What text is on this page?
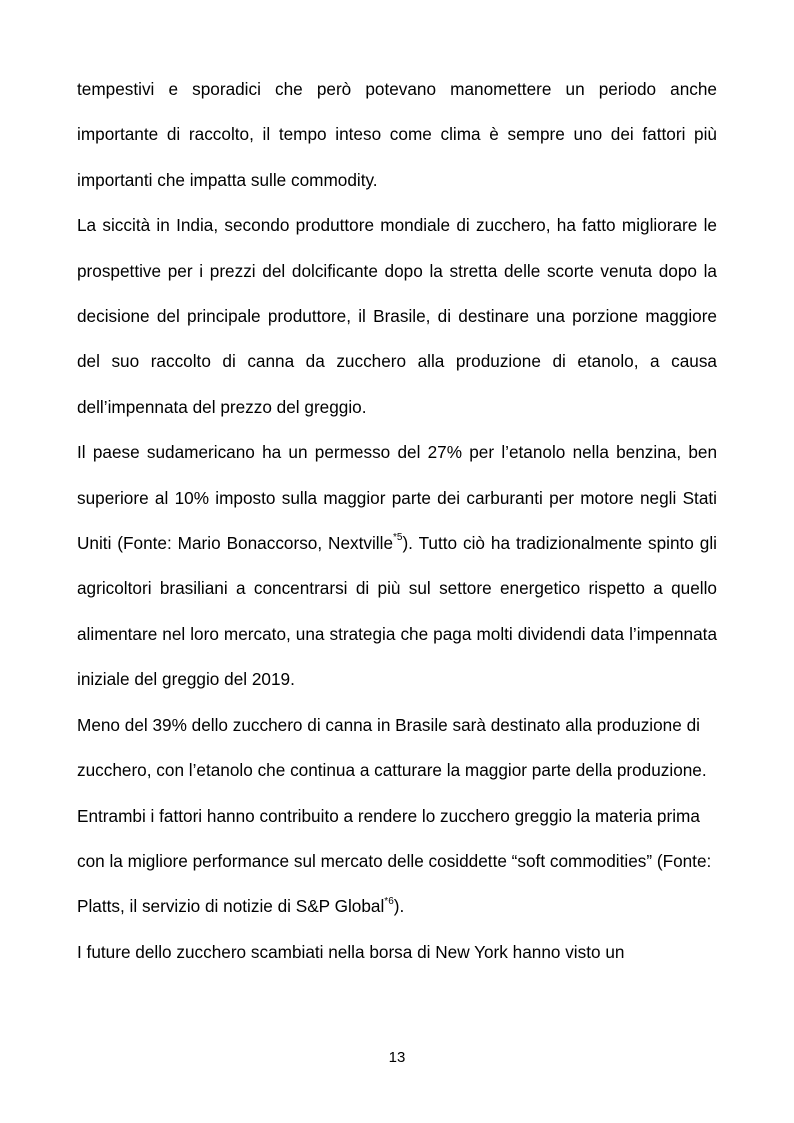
tempestivi e sporadici che però potevano manomettere un periodo anche importante di raccolto, il tempo inteso come clima è sempre uno dei fattori più importanti che impatta sulle commodity.

La siccità in India, secondo produttore mondiale di zucchero, ha fatto migliorare le prospettive per i prezzi del dolcificante dopo la stretta delle scorte venuta dopo la decisione del principale produttore, il Brasile, di destinare una porzione maggiore del suo raccolto di canna da zucchero alla produzione di etanolo, a causa dell’impennata del prezzo del greggio.

Il paese sudamericano ha un permesso del 27% per l’etanolo nella benzina, ben superiore al 10% imposto sulla maggior parte dei carburanti per motore negli Stati Uniti (Fonte: Mario Bonaccorso, Nextville$^{*5}$). Tutto ciò ha tradizionalmente spinto gli agricoltori brasiliani a concentrarsi di più sul settore energetico rispetto a quello alimentare nel loro mercato, una strategia che paga molti dividendi data l’impennata iniziale del greggio del 2019.

Meno del 39% dello zucchero di canna in Brasile sarà destinato alla produzione di zucchero, con l’etanolo che continua a catturare la maggior parte della produzione. Entrambi i fattori hanno contribuito a rendere lo zucchero greggio la materia prima con la migliore performance sul mercato delle cosiddette “soft commodities” (Fonte: Platts, il servizio di notizie di S&P Global$^{*6}$).

I future dello zucchero scambiati nella borsa di New York hanno visto un

13
